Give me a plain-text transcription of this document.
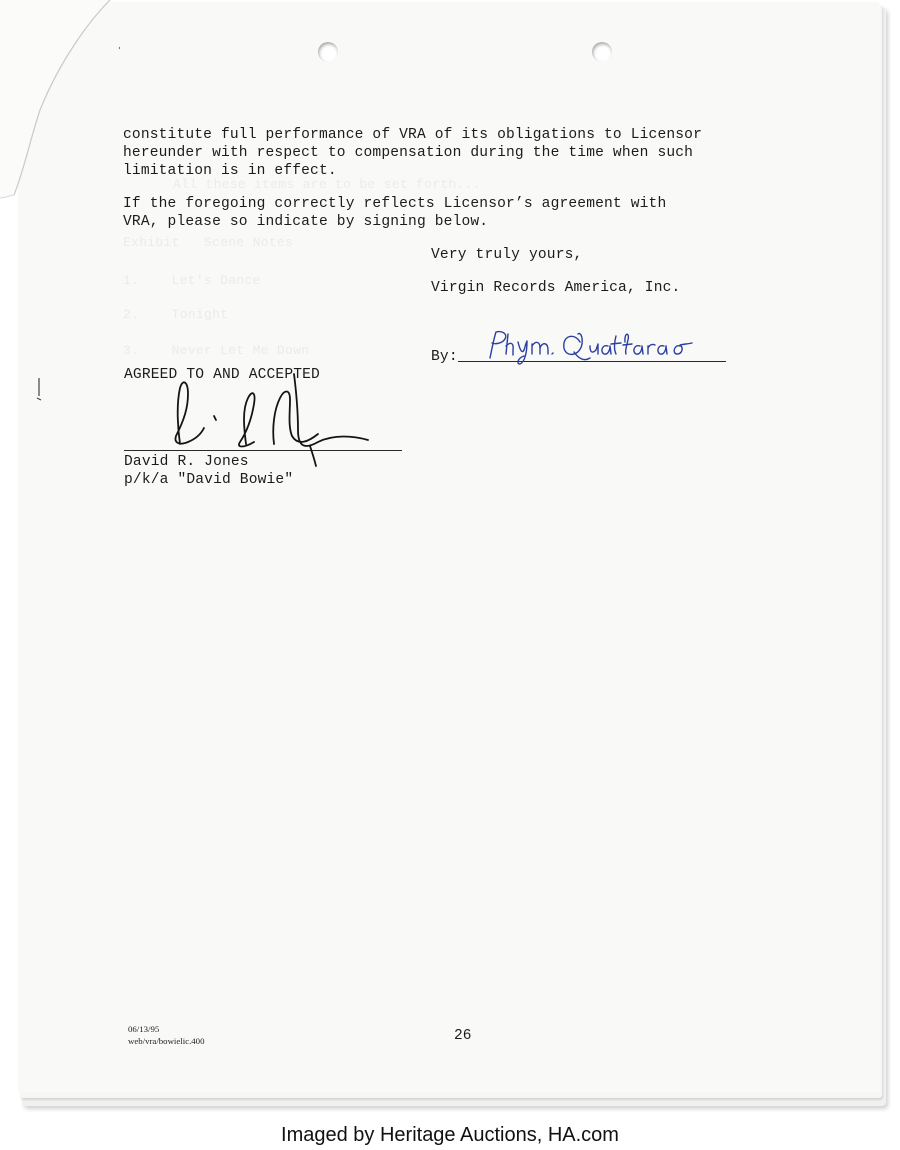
All these items are to be set forth...
Exhibit   Scene Notes
1.    Let's Dance
2.    Tonight
3.    Never Let Me Down
constitute full performance of VRA of its obligations to Licensor
hereunder with respect to compensation during the time when such
limitation is in effect.
If the foregoing correctly reflects Licensor’s agreement with
VRA, please so indicate by signing below.
Very truly yours,
Virgin Records America, Inc.
By:
AGREED TO AND ACCEPTED
David R. Jones
p/k/a "David Bowie"
06/13/95
web/vra/bowielic.400	26
Imaged by Heritage Auctions, HA.com
